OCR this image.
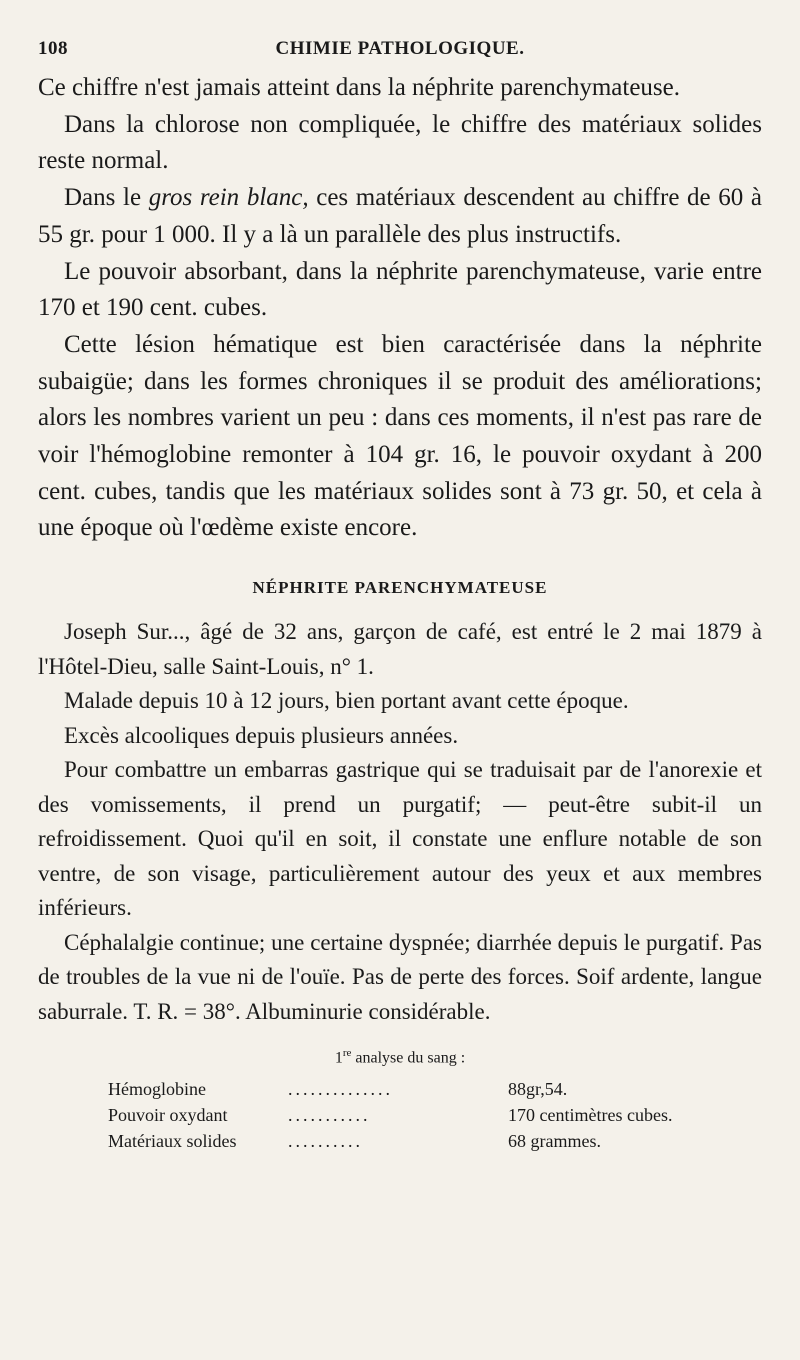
108	CHIMIE PATHOLOGIQUE.

Ce chiffre n'est jamais atteint dans la néphrite parenchymateuse.

Dans la chlorose non compliquée, le chiffre des matériaux solides reste normal.

Dans le gros rein blanc, ces matériaux descendent au chiffre de 60 à 55 gr. pour 1 000. Il y a là un parallèle des plus instructifs.

Le pouvoir absorbant, dans la néphrite parenchymateuse, varie entre 170 et 190 cent. cubes.

Cette lésion hématique est bien caractérisée dans la néphrite subaigüe; dans les formes chroniques il se produit des améliorations; alors les nombres varient un peu : dans ces moments, il n'est pas rare de voir l'hémoglobine remonter à 104 gr. 16, le pouvoir oxydant à 200 cent. cubes, tandis que les matériaux solides sont à 73 gr. 50, et cela à une époque où l'œdème existe encore.

NÉPHRITE PARENCHYMATEUSE

Joseph Sur..., âgé de 32 ans, garçon de café, est entré le 2 mai 1879 à l'Hôtel-Dieu, salle Saint-Louis, n° 1.

Malade depuis 10 à 12 jours, bien portant avant cette époque.

Excès alcooliques depuis plusieurs années.

Pour combattre un embarras gastrique qui se traduisait par de l'anorexie et des vomissements, il prend un purgatif; — peut-être subit-il un refroidissement. Quoi qu'il en soit, il constate une enflure notable de son ventre, de son visage, particulièrement autour des yeux et aux membres inférieurs.

Céphalalgie continue; une certaine dyspnée; diarrhée depuis le purgatif. Pas de troubles de la vue ni de l'ouïe. Pas de perte des forces. Soif ardente, langue saburrale. T. R. = 38°. Albuminurie considérable.

1re analyse du sang :
Hémoglobine	..............	88gr,54.
Pouvoir oxydant	...........	170 centimètres cubes.
Matériaux solides	..........	68 grammes.
